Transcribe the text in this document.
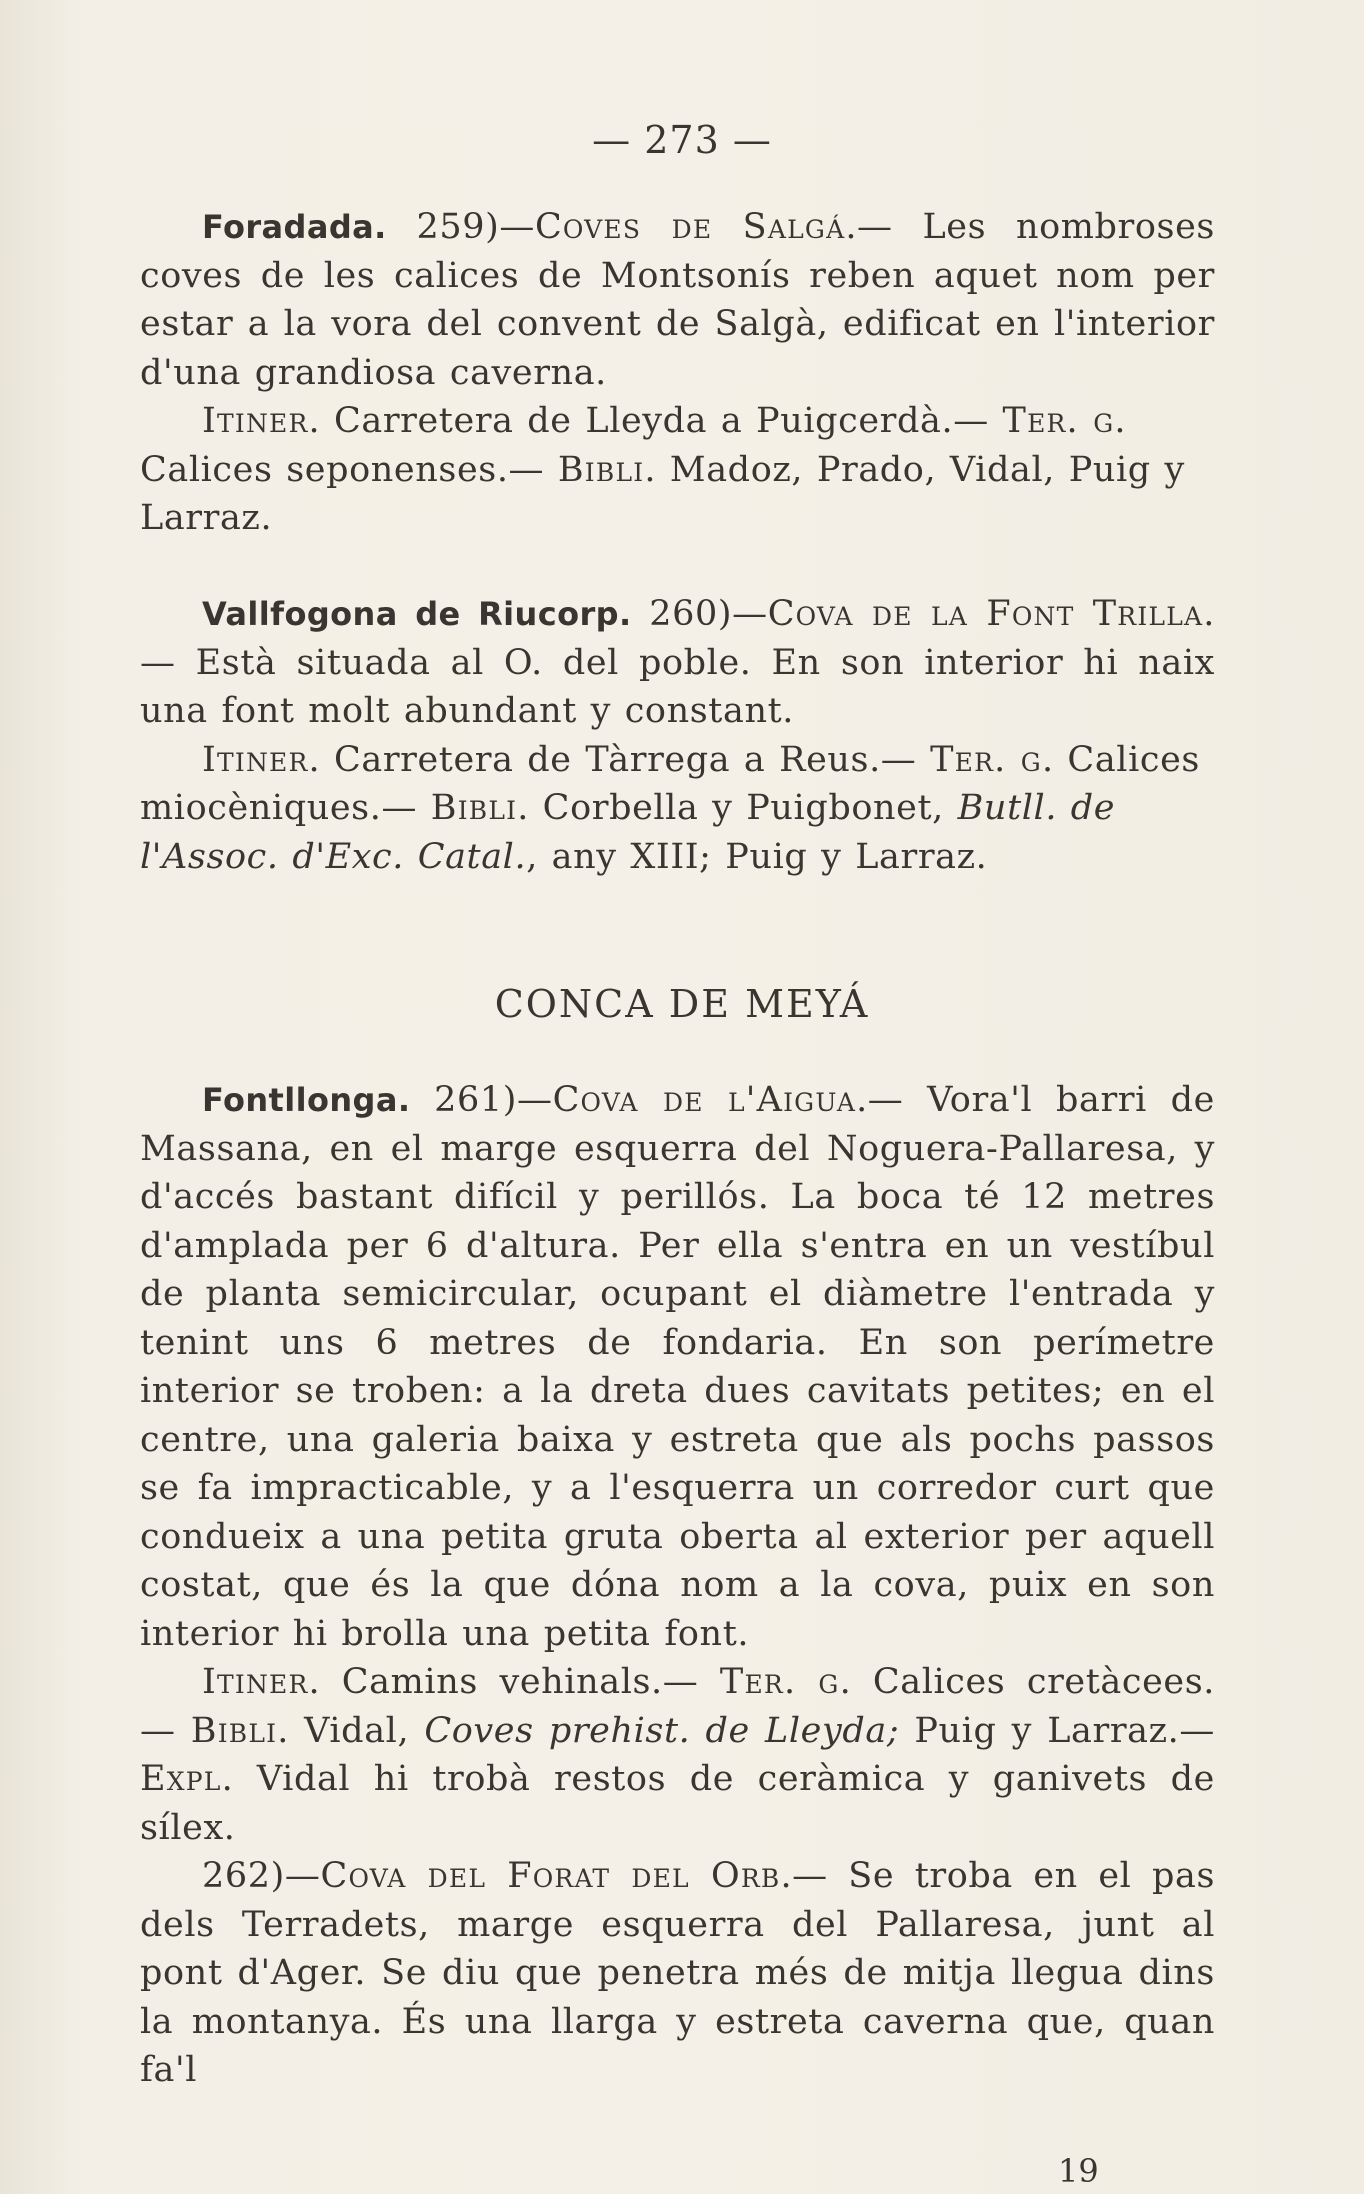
— 273 —

Foradada. 259)—Coves de Salgá.— Les nombroses coves de les calices de Montsonís reben aquet nom per estar a la vora del convent de Salgà, edificat en l'interior d'una grandiosa caverna.

Itiner. Carretera de Lleyda a Puigcerdà.— Ter. g. Calices seponenses.— Bibli. Madoz, Prado, Vidal, Puig y Larraz.

Vallfogona de Riucorp. 260)—Cova de la Font Trilla.— Està situada al O. del poble. En son interior hi naix una font molt abundant y constant.

Itiner. Carretera de Tàrrega a Reus.— Ter. g. Calices miocèniques.— Bibli. Corbella y Puigbonet, Butll. de l'Assoc. d'Exc. Catal., any XIII; Puig y Larraz.

CONCA DE MEYÁ

Fontllonga. 261)—Cova de l'Aigua.— Vora'l barri de Massana, en el marge esquerra del Noguera-Pallaresa, y d'accés bastant difícil y perillós. La boca té 12 metres d'amplada per 6 d'altura. Per ella s'entra en un vestíbul de planta semicircular, ocupant el diàmetre l'entrada y tenint uns 6 metres de fondaria. En son perímetre interior se troben: a la dreta dues cavitats petites; en el centre, una galeria baixa y estreta que als pochs passos se fa impracticable, y a l'esquerra un corredor curt que condueix a una petita gruta oberta al exterior per aquell costat, que és la que dóna nom a la cova, puix en son interior hi brolla una petita font.

Itiner. Camins vehinals.— Ter. g. Calices cretàcees. — Bibli. Vidal, Coves prehist. de Lleyda; Puig y Larraz.— Expl. Vidal hi trobà restos de ceràmica y ganivets de sílex.

262)—Cova del Forat del Orb.— Se troba en el pas dels Terradets, marge esquerra del Pallaresa, junt al pont d'Ager. Se diu que penetra més de mitja llegua dins la montanya. És una llarga y estreta caverna que, quan fa'l

19
